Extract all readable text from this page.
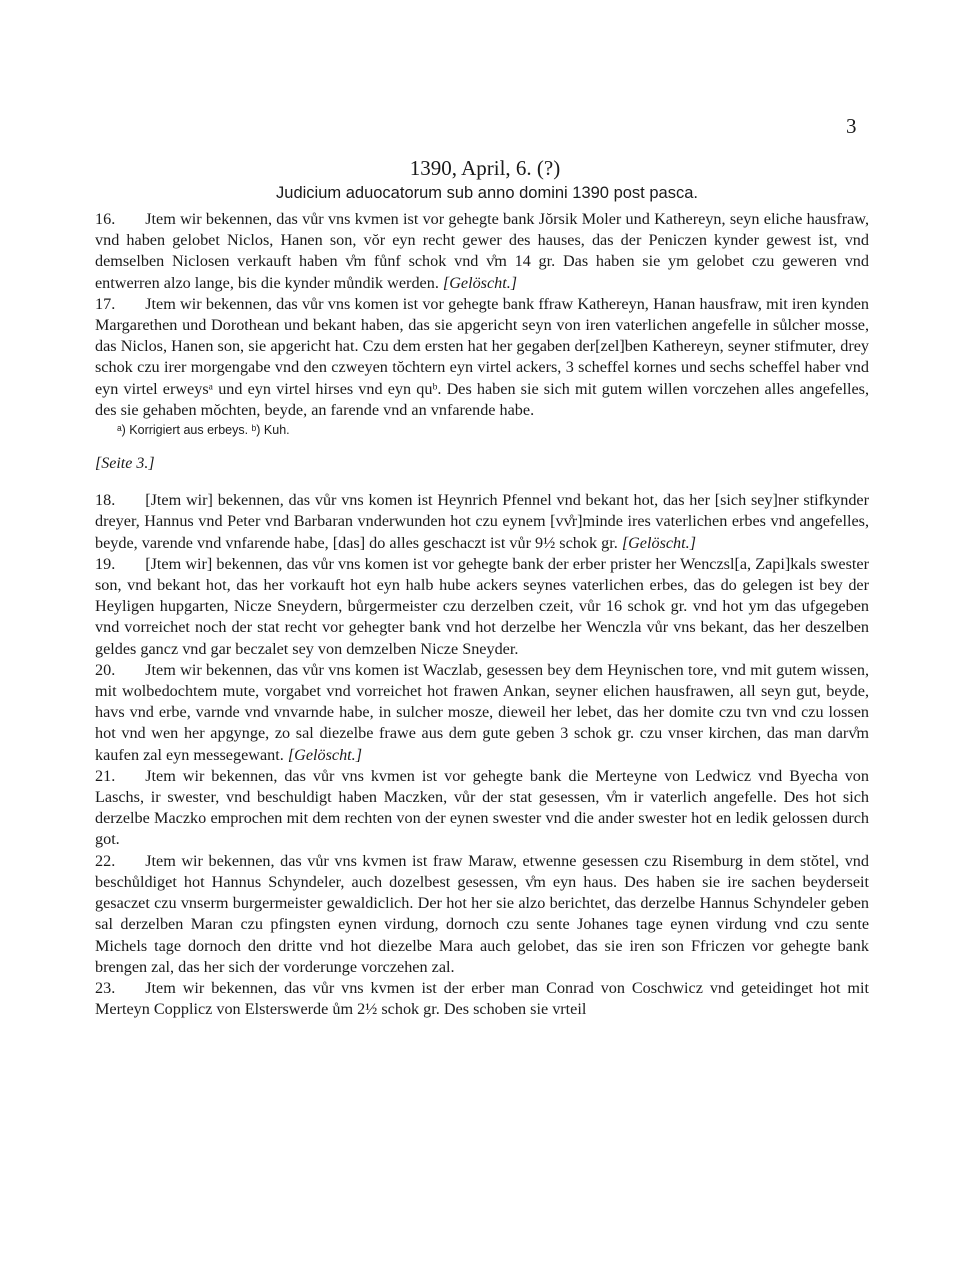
3
1390, April, 6. (?)
Judicium aduocatorum sub anno domini 1390 post pasca.

16. Jtem wir bekennen, das vůr vns kvmen ist vor gehegte bank Jŏrsik Moler und Kathereyn, seyn eliche hausfraw, vnd haben gelobet Niclos, Hanen son, vŏr eyn recht gewer des hauses, das der Peniczen kynder gewest ist, vnd demselben Niclosen verkauft haben v̊m fůnf schok vnd v̊m 14 gr. Das haben sie ym gelobet czu geweren vnd entwerren alzo lange, bis die kynder můndik werden. [Gelöscht.]

17. Jtem wir bekennen, das vůr vns komen ist vor gehegte bank ffraw Kathereyn, Hanan hausfraw, mit iren kynden Margarethen und Dorothean und bekant haben, das sie apgericht seyn von iren vaterlichen angefelle in sůlcher mosse, das Niclos, Hanen son, sie apgericht hat. Czu dem ersten hat her gegaben der[zel]ben Kathereyn, seyner stifmuter, drey schok czu irer morgengabe vnd den czweyen tŏchtern eyn virtel ackers, 3 scheffel kornes und sechs scheffel haber vnd eyn virtel erweysᵃ und eyn virtel hirses vnd eyn quᵇ. Des haben sie sich mit gutem willen vorczehen alles angefelles, des sie gehaben mŏchten, beyde, an farende vnd an vnfarende habe.

ᵃ) Korrigiert aus erbeys. ᵇ) Kuh.

[Seite 3.]

18. [Jtem wir] bekennen, das vůr vns komen ist Heynrich Pfennel vnd bekant hot, das her [sich sey]ner stifkynder dreyer, Hannus vnd Peter vnd Barbaran vnderwunden hot czu eynem [vv̊r]minde ires vaterlichen erbes vnd angefelles, beyde, varende vnd vnfarende habe, [das] do alles geschaczt ist vůr 9½ schok gr. [Gelöscht.]

19. [Jtem wir] bekennen, das vůr vns komen ist vor gehegte bank der erber prister her Wenczsl[a, Zapi]kals swester son, vnd bekant hot, das her vorkauft hot eyn halb hube ackers seynes vaterlichen erbes, das do gelegen ist bey der Heyligen hupgarten, Nicze Sneydern, bůrgermeister czu derzelben czeit, vůr 16 schok gr. vnd hot ym das ufgegeben vnd vorreichet noch der stat recht vor gehegter bank vnd hot derzelbe her Wenczla vůr vns bekant, das her deszelben geldes gancz vnd gar beczalet sey von demzelben Nicze Sneyder.

20. Jtem wir bekennen, das vůr vns komen ist Waczlab, gesessen bey dem Heynischen tore, vnd mit gutem wissen, mit wolbedochtem mute, vorgabet vnd vorreichet hot frawen Ankan, seyner elichen hausfrawen, all seyn gut, beyde, havs vnd erbe, varnde vnd vnvarnde habe, in sulcher mosze, dieweil her lebet, das her domite czu tvn vnd czu lossen hot vnd wen her apgynge, zo sal diezelbe frawe aus dem gute geben 3 schok gr. czu vnser kirchen, das man darv̊m kaufen zal eyn messegewant. [Gelöscht.]

21. Jtem wir bekennen, das vůr vns kvmen ist vor gehegte bank die Merteyne von Ledwicz vnd Byecha von Laschs, ir swester, vnd beschuldigt haben Maczken, vůr der stat gesessen, v̊m ir vaterlich angefelle. Des hot sich derzelbe Maczko emprochen mit dem rechten von der eynen swester vnd die ander swester hot en ledik gelossen durch got.

22. Jtem wir bekennen, das vůr vns kvmen ist fraw Maraw, etwenne gesessen czu Risemburg in dem stŏtel, vnd beschůldiget hot Hannus Schyndeler, auch dozelbest gesessen, v̊m eyn haus. Des haben sie ire sachen beyderseit gesaczet czu vnserm burgermeister gewaldiclich. Der hot her sie alzo berichtet, das derzelbe Hannus Schyndeler geben sal derzelben Maran czu pfingsten eynen virdung, dornoch czu sente Johanes tage eynen virdung vnd czu sente Michels tage dornoch den dritte vnd hot diezelbe Mara auch gelobet, das sie iren son Ffriczen vor gehegte bank brengen zal, das her sich der vorderunge vorczehen zal.

23. Jtem wir bekennen, das vůr vns kvmen ist der erber man Conrad von Coschwicz vnd geteidinget hot mit Merteyn Copplicz von Elsterswerde ům 2½ schok gr. Des schoben sie vrteil
